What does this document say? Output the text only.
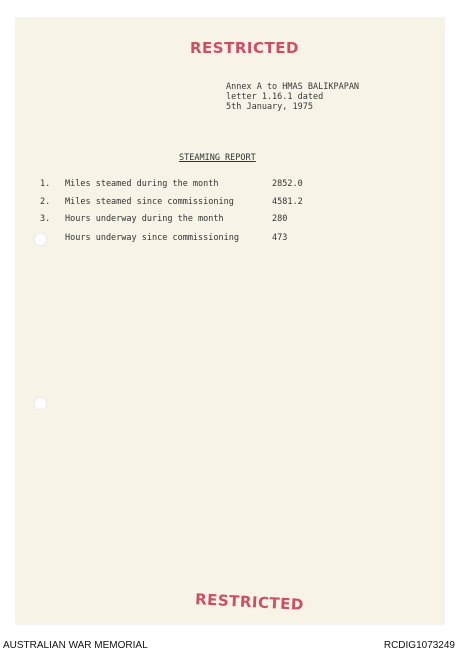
RESTRICTED
Annex A to HMAS BALIKPAPAN
letter 1.16.1 dated
5th January, 1975
STEAMING REPORT
1. Miles steamed during the month	2852.0
2. Miles steamed since commissioning	4581.2
3. Hours underway during the month	280
Hours underway since commissioning	473
RESTRICTED
AUSTRALIAN WAR MEMORIAL	RCDIG1073249
